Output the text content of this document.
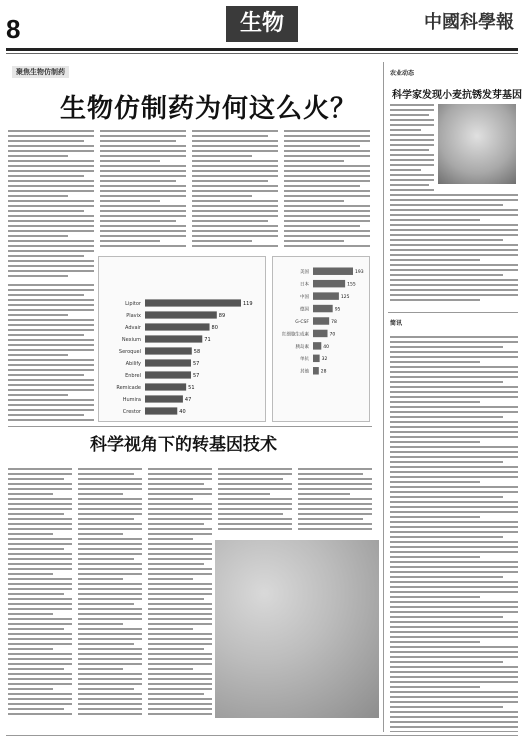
8	生物	中國科學報
聚焦生物仿制药
生物仿制药为何这么火？
Lipitor	119
Plavix	89
Advair	80
Nexium	71
Seroquel	58
Abilify	57
Enbrel	57
Remicade	51
Humira	47
Crestor	40
美国	193
日本	155
中国	125
德国	95
G-CSF	78
红细胞生成素	70
胰岛素	40
单抗	32
其他	28
科学视角下的转基因技术
农业动态
科学家发现小麦抗锈发芽基因
简讯
